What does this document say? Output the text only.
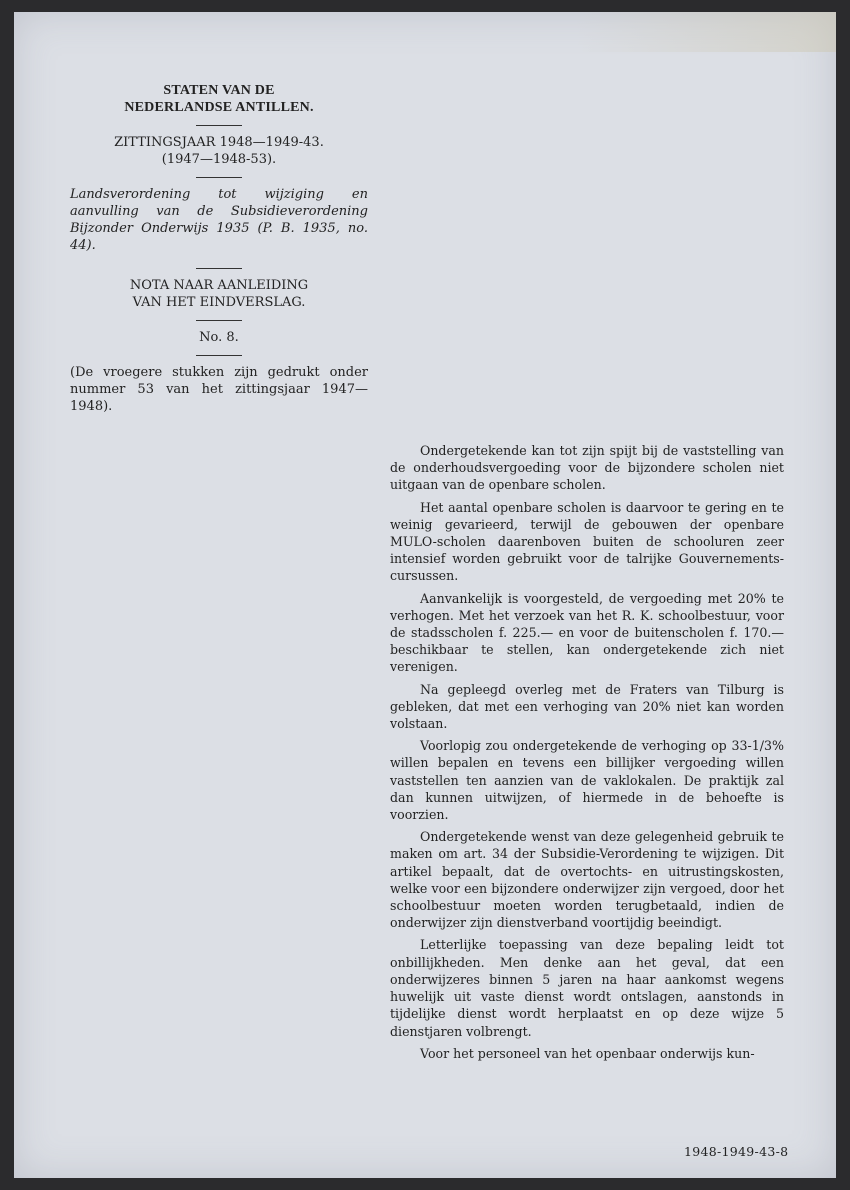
STATEN VAN DE
NEDERLANDSE ANTILLEN.
ZITTINGSJAAR 1948—1949-43.
(1947—1948-53).
Landsverordening tot wijziging en aanvulling van de Subsidieverordening Bijzonder Onderwijs 1935 (P. B. 1935, no. 44).
NOTA NAAR AANLEIDING
VAN HET EINDVERSLAG.
No. 8.
(De vroegere stukken zijn gedrukt onder nummer 53 van het zittingsjaar 1947—1948).

Ondergetekende kan tot zijn spijt bij de vaststelling van de onderhoudsvergoeding voor de bijzondere scholen niet uitgaan van de openbare scholen.

Het aantal openbare scholen is daarvoor te gering en te weinig gevarieerd, terwijl de gebouwen der openbare MULO-scholen daarenboven buiten de schooluren zeer intensief worden gebruikt voor de talrijke Gouvernements-cursussen.

Aanvankelijk is voorgesteld, de vergoeding met 20% te verhogen. Met het verzoek van het R. K. schoolbestuur, voor de stadsscholen f. 225.— en voor de buitenscholen f. 170.— beschikbaar te stellen, kan ondergetekende zich niet verenigen.

Na gepleegd overleg met de Fraters van Tilburg is gebleken, dat met een verhoging van 20% niet kan worden volstaan.

Voorlopig zou ondergetekende de verhoging op 33-1/3% willen bepalen en tevens een billijker vergoeding willen vaststellen ten aanzien van de vaklokalen. De praktijk zal dan kunnen uitwijzen, of hiermede in de behoefte is voorzien.

Ondergetekende wenst van deze gelegenheid gebruik te maken om art. 34 der Subsidie-Verordening te wijzigen. Dit artikel bepaalt, dat de overtochts- en uitrustingskosten, welke voor een bijzondere onderwijzer zijn vergoed, door het schoolbestuur moeten worden terugbetaald, indien de onderwijzer zijn dienstverband voortijdig beeindigt.

Letterlijke toepassing van deze bepaling leidt tot onbillijkheden. Men denke aan het geval, dat een onderwijzeres binnen 5 jaren na haar aankomst wegens huwelijk uit vaste dienst wordt ontslagen, aanstonds in tijdelijke dienst wordt herplaatst en op deze wijze 5 dienstjaren volbrengt.

Voor het personeel van het openbaar onderwijs kun-

1948-1949-43-8
